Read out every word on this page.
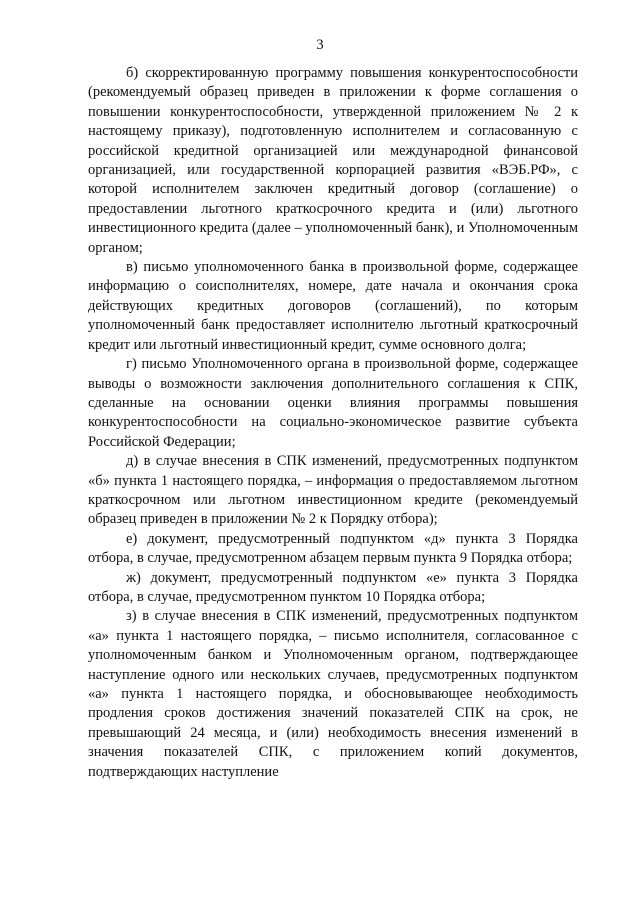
3

б) скорректированную программу повышения конкурентоспособности (рекомендуемый образец приведен в приложении к форме соглашения о повышении конкурентоспособности, утвержденной приложением № 2 к настоящему приказу), подготовленную исполнителем и согласованную с российской кредитной организацией или международной финансовой организацией, или государственной корпорацией развития «ВЭБ.РФ», с которой исполнителем заключен кредитный договор (соглашение) о предоставлении льготного краткосрочного кредита и (или) льготного инвестиционного кредита (далее – уполномоченный банк), и Уполномоченным органом;

в) письмо уполномоченного банка в произвольной форме, содержащее информацию о соисполнителях, номере, дате начала и окончания срока действующих кредитных договоров (соглашений), по которым уполномоченный банк предоставляет исполнителю льготный краткосрочный кредит или льготный инвестиционный кредит, сумме основного долга;

г) письмо Уполномоченного органа в произвольной форме, содержащее выводы о возможности заключения дополнительного соглашения к СПК, сделанные на основании оценки влияния программы повышения конкурентоспособности на социально-экономическое развитие субъекта Российской Федерации;

д) в случае внесения в СПК изменений, предусмотренных подпунктом «б» пункта 1 настоящего порядка, – информация о предоставляемом льготном краткосрочном или льготном инвестиционном кредите (рекомендуемый образец приведен в приложении № 2 к Порядку отбора);

е) документ, предусмотренный подпунктом «д» пункта 3 Порядка отбора, в случае, предусмотренном абзацем первым пункта 9 Порядка отбора;

ж) документ, предусмотренный подпунктом «е» пункта 3 Порядка отбора, в случае, предусмотренном пунктом 10 Порядка отбора;

з) в случае внесения в СПК изменений, предусмотренных подпунктом «а» пункта 1 настоящего порядка, – письмо исполнителя, согласованное с уполномоченным банком и Уполномоченным органом, подтверждающее наступление одного или нескольких случаев, предусмотренных подпунктом «а» пункта 1 настоящего порядка, и обосновывающее необходимость продления сроков достижения значений показателей СПК на срок, не превышающий 24 месяца, и (или) необходимость внесения изменений в значения показателей СПК, с приложением копий документов, подтверждающих наступление
